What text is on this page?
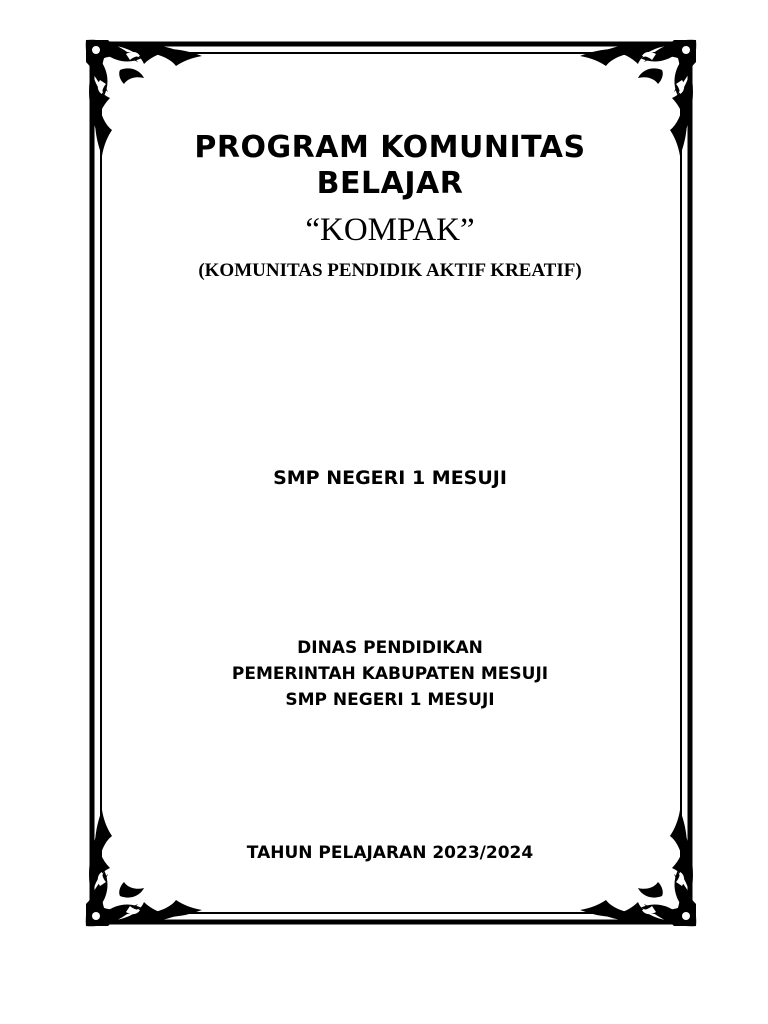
PROGRAM KOMUNITAS
BELAJAR
“KOMPAK”
(KOMUNITAS PENDIDIK AKTIF KREATIF)
SMP NEGERI 1 MESUJI
DINAS PENDIDIKAN
PEMERINTAH KABUPATEN MESUJI
SMP NEGERI 1 MESUJI
TAHUN PELAJARAN 2023/2024
